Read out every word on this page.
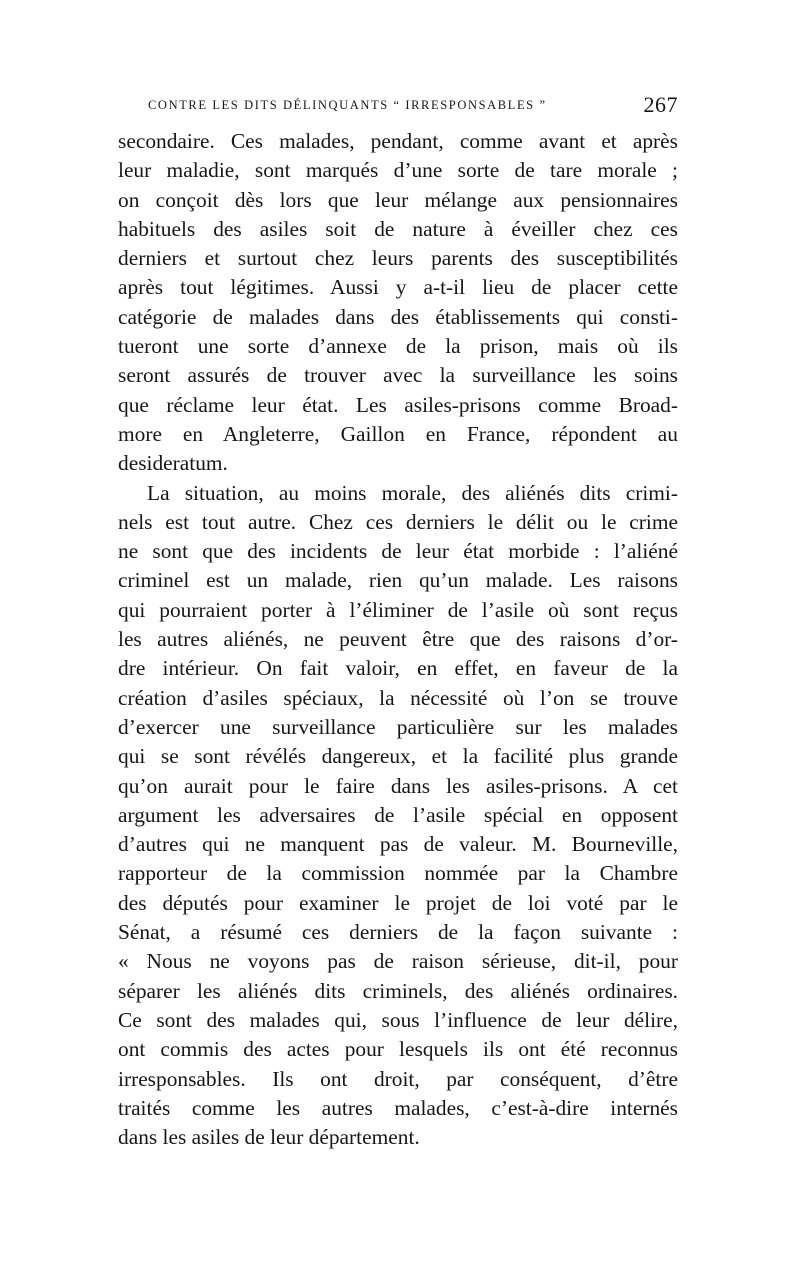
CONTRE LES DITS DÉLINQUANTS “ IRRESPONSABLES ”	267
secondaire. Ces malades, pendant, comme avant et après
leur maladie, sont marqués d’une sorte de tare morale ;
on conçoit dès lors que leur mélange aux pensionnaires
habituels des asiles soit de nature à éveiller chez ces
derniers et surtout chez leurs parents des susceptibilités
après tout légitimes. Aussi y a-t-il lieu de placer cette
catégorie de malades dans des établissements qui consti-
tueront une sorte d’annexe de la prison, mais où ils
seront assurés de trouver avec la surveillance les soins
que réclame leur état. Les asiles-prisons comme Broad-
more en Angleterre, Gaillon en France, répondent au
desideratum.
La situation, au moins morale, des aliénés dits crimi-
nels est tout autre. Chez ces derniers le délit ou le crime
ne sont que des incidents de leur état morbide : l’aliéné
criminel est un malade, rien qu’un malade. Les raisons
qui pourraient porter à l’éliminer de l’asile où sont reçus
les autres aliénés, ne peuvent être que des raisons d’or-
dre intérieur. On fait valoir, en effet, en faveur de la
création d’asiles spéciaux, la nécessité où l’on se trouve
d’exercer une surveillance particulière sur les malades
qui se sont révélés dangereux, et la facilité plus grande
qu’on aurait pour le faire dans les asiles-prisons. A cet
argument les adversaires de l’asile spécial en opposent
d’autres qui ne manquent pas de valeur. M. Bourneville,
rapporteur de la commission nommée par la Chambre
des députés pour examiner le projet de loi voté par le
Sénat, a résumé ces derniers de la façon suivante :
« Nous ne voyons pas de raison sérieuse, dit-il, pour
séparer les aliénés dits criminels, des aliénés ordinaires.
Ce sont des malades qui, sous l’influence de leur délire,
ont commis des actes pour lesquels ils ont été reconnus
irresponsables. Ils ont droit, par conséquent, d’être
traités comme les autres malades, c’est-à-dire internés
dans les asiles de leur département.
